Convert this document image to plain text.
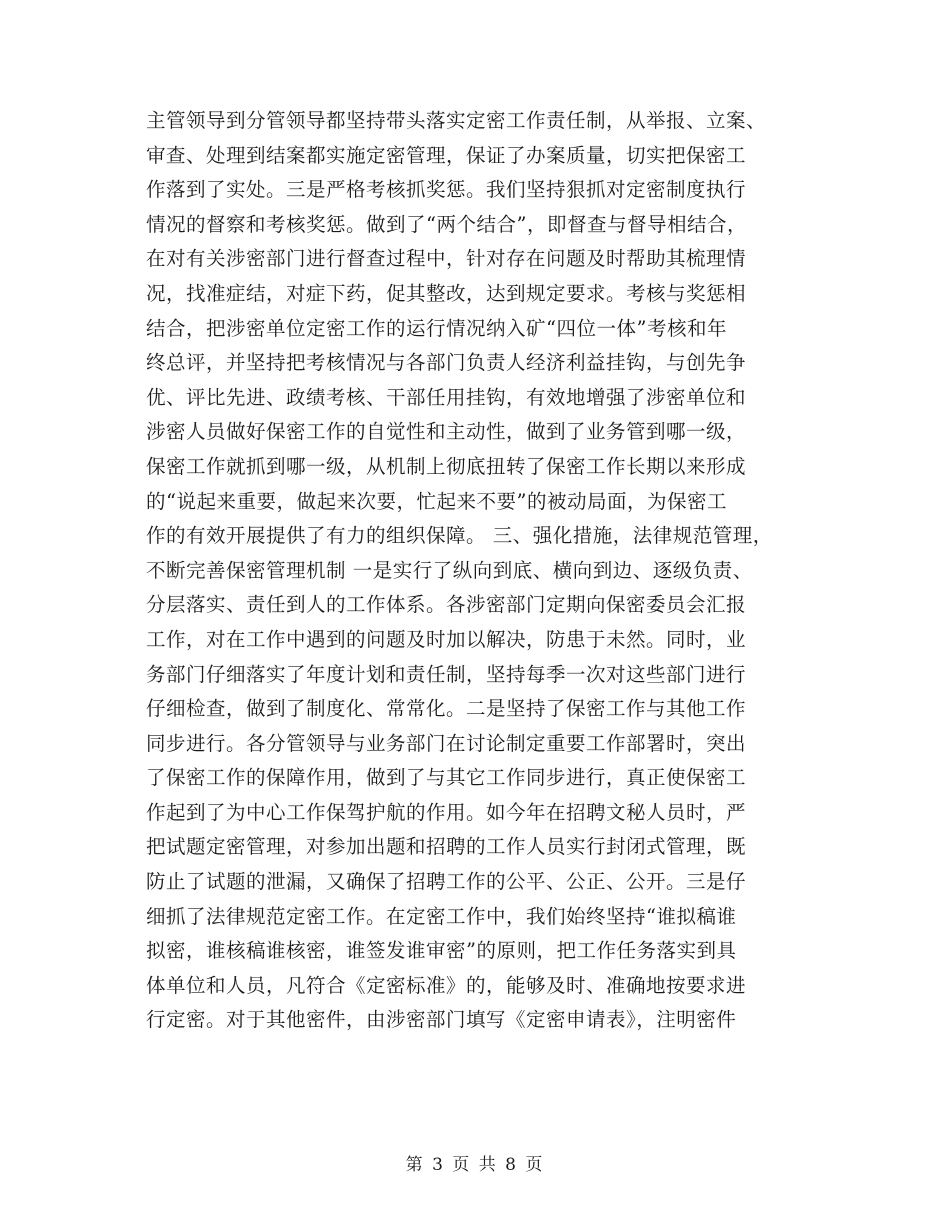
主管领导到分管领导都坚持带头落实定密工作责任制，从举报、立案、
审查、处理到结案都实施定密管理，保证了办案质量，切实把保密工
作落到了实处。三是严格考核抓奖惩。我们坚持狠抓对定密制度执行
情况的督察和考核奖惩。做到了“两个结合”，即督查与督导相结合，
在对有关涉密部门进行督查过程中，针对存在问题及时帮助其梳理情
况，找准症结，对症下药，促其整改，达到规定要求。考核与奖惩相
结合，把涉密单位定密工作的运行情况纳入矿“四位一体”考核和年
终总评，并坚持把考核情况与各部门负责人经济利益挂钩，与创先争
优、评比先进、政绩考核、干部任用挂钩，有效地增强了涉密单位和
涉密人员做好保密工作的自觉性和主动性，做到了业务管到哪一级，
保密工作就抓到哪一级，从机制上彻底扭转了保密工作长期以来形成
的“说起来重要，做起来次要，忙起来不要”的被动局面，为保密工
作的有效开展提供了有力的组织保障。 三、强化措施，法律规范管理，
不断完善保密管理机制 一是实行了纵向到底、横向到边、逐级负责、
分层落实、责任到人的工作体系。各涉密部门定期向保密委员会汇报
工作，对在工作中遇到的问题及时加以解决，防患于未然。同时，业
务部门仔细落实了年度计划和责任制，坚持每季一次对这些部门进行
仔细检查，做到了制度化、常常化。二是坚持了保密工作与其他工作
同步进行。各分管领导与业务部门在讨论制定重要工作部署时，突出
了保密工作的保障作用，做到了与其它工作同步进行，真正使保密工
作起到了为中心工作保驾护航的作用。如今年在招聘文秘人员时，严
把试题定密管理，对参加出题和招聘的工作人员实行封闭式管理，既
防止了试题的泄漏，又确保了招聘工作的公平、公正、公开。三是仔
细抓了法律规范定密工作。在定密工作中，我们始终坚持“谁拟稿谁
拟密，谁核稿谁核密，谁签发谁审密”的原则，把工作任务落实到具
体单位和人员，凡符合《定密标准》的，能够及时、准确地按要求进
行定密。对于其他密件，由涉密部门填写《定密申请表》，注明密件
第 3 页 共 8 页
